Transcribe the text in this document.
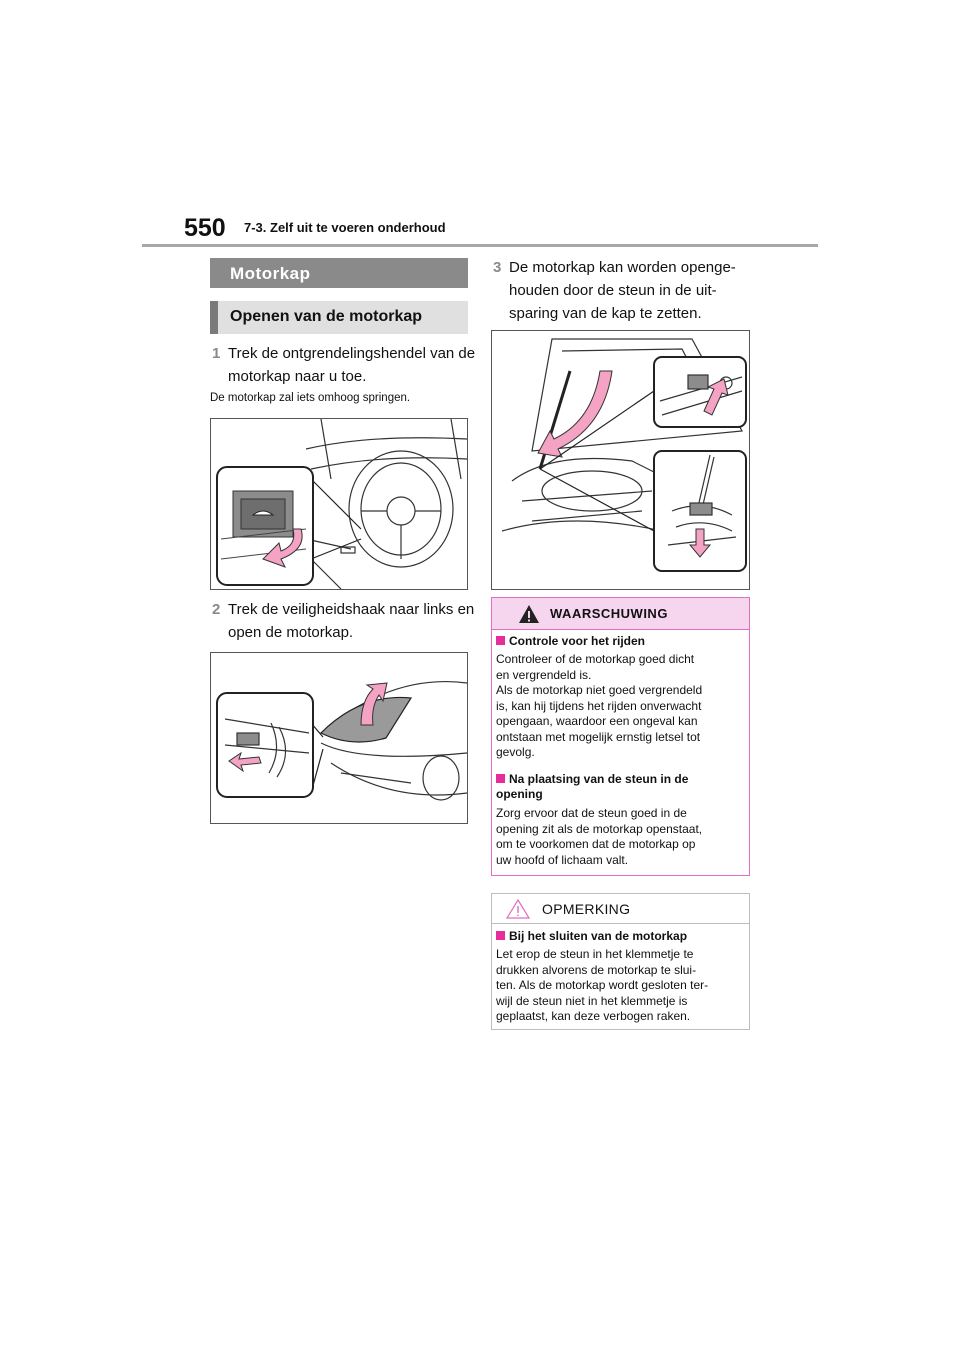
550 7-3. Zelf uit te voeren onderhoud
Motorkap
Openen van de motorkap
1 Trek de ontgrendelingshendel van de motorkap naar u toe.
De motorkap zal iets omhoog springen.
2 Trek de veiligheidshaak naar links en open de motorkap.
3 De motorkap kan worden openge-houden door de steun in de uit-sparing van de kap te zetten.
WAARSCHUWING
Controle voor het rijden
Controleer of de motorkap goed dicht
en vergrendeld is.
Als de motorkap niet goed vergrendeld
is, kan hij tijdens het rijden onverwacht
opengaan, waardoor een ongeval kan
ontstaan met mogelijk ernstig letsel tot
gevolg.
Na plaatsing van de steun in de opening
Zorg ervoor dat de steun goed in de
opening zit als de motorkap openstaat,
om te voorkomen dat de motorkap op
uw hoofd of lichaam valt.
OPMERKING
Bij het sluiten van de motorkap
Let erop de steun in het klemmetje te
drukken alvorens de motorkap te slui-
ten. Als de motorkap wordt gesloten ter-
wijl de steun niet in het klemmetje is
geplaatst, kan deze verbogen raken.
